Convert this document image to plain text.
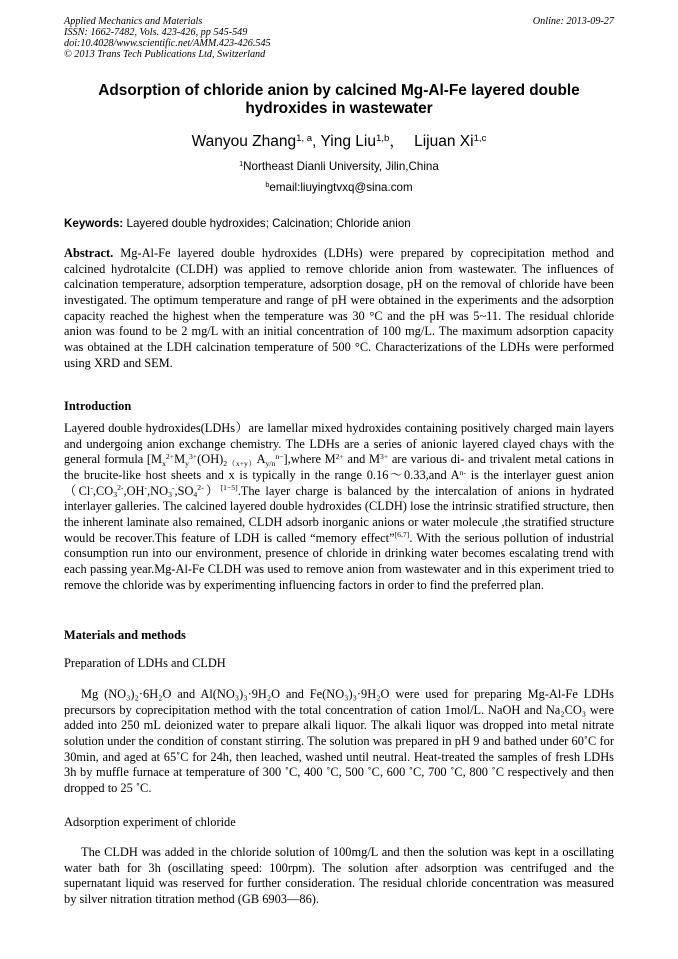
Applied Mechanics and Materials
ISSN: 1662-7482, Vols. 423-426, pp 545-549
doi:10.4028/www.scientific.net/AMM.423-426.545
© 2013 Trans Tech Publications Ltd, Switzerland
Online: 2013-09-27
Adsorption of chloride anion by calcined Mg-Al-Fe layered double hydroxides in wastewater
Wanyou Zhang$^{1, a}$, Ying Liu$^{1,b}$， Lijuan Xi$^{1,c}$
$^1$Northeast Dianli University, Jilin,China
$^b$email:liuyingtvxq@sina.com
Keywords: Layered double hydroxides; Calcination; Chloride anion
Abstract. Mg-Al-Fe layered double hydroxides (LDHs) were prepared by coprecipitation method and calcined hydrotalcite (CLDH) was applied to remove chloride anion from wastewater. The influences of calcination temperature, adsorption temperature, adsorption dosage, pH on the removal of chloride have been investigated. The optimum temperature and range of pH were obtained in the experiments and the adsorption capacity reached the highest when the temperature was 30 °C and the pH was 5~11. The residual chloride anion was found to be 2 mg/L with an initial concentration of 100 mg/L. The maximum adsorption capacity was obtained at the LDH calcination temperature of 500 °C. Characterizations of the LDHs were performed using XRD and SEM.
Introduction
Layered double hydroxides(LDHs）are lamellar mixed hydroxides containing positively charged main layers and undergoing anion exchange chemistry. The LDHs are a series of anionic layered clayed chays with the general formula $[M_x^{2+}M_y^{3+}(OH)_{2(x+y)}A_{y/n}^{n-}],where$ $M^{2+}$ and $M^{3+}$ are various di- and trivalent metal cations in the brucite-like host sheets and x is typically in the range 0.16～0.33,and $A^{n-}$ is the interlayer guest $anion(Cl^-,CO_3^{2-},OH^-,NO_3^-,SO_4^{2-})[1-5].The$ layer charge is balanced by the intercalation of anions in hydrated interlayer galleries. The calcined layered double hydroxides (CLDH) lose the intrinsic stratified structure, then the inherent laminate also remained, CLDH adsorb inorganic anions or water molecule ,the stratified structure would be recover.This feature of LDH is called “memory effect”[6,7]. With the serious pollution of industrial consumption run into our environment, presence of chloride in drinking water becomes escalating trend with each passing year.Mg-Al-Fe CLDH was used to remove anion from wastewater and in this experiment tried to remove the chloride was by experimenting influencing factors in order to find the preferred plan.
Materials and methods
Preparation of LDHs and CLDH
Mg (NO₃)₂·6H₂O and Al(NO₃)₃·9H₂O and Fe(NO₃)₃·9H₂O were used for preparing Mg-Al-Fe LDHs precursors by coprecipitation method with the total concentration of cation 1mol/L. NaOH and Na₂CO₃ were added into 250 mL deionized water to prepare alkali liquor. The alkali liquor was dropped into metal nitrate solution under the condition of constant stirring. The solution was prepared in pH 9 and bathed under 60˚C for 30min, and aged at 65˚C for 24h, then leached, washed until neutral. Heat-treated the samples of fresh LDHs 3h by muffle furnace at temperature of 300 ˚C, 400 ˚C, 500 ˚C, 600 ˚C, 700 ˚C, 800 ˚C respectively and then dropped to 25 ˚C.
Adsorption experiment of chloride
The CLDH was added in the chloride solution of 100mg/L and then the solution was kept in a oscillating water bath for 3h (oscillating speed: 100rpm). The solution after adsorption was centrifuged and the supernatant liquid was reserved for further consideration. The residual chloride concentration was measured by silver nitration titration method (GB 6903—86).
